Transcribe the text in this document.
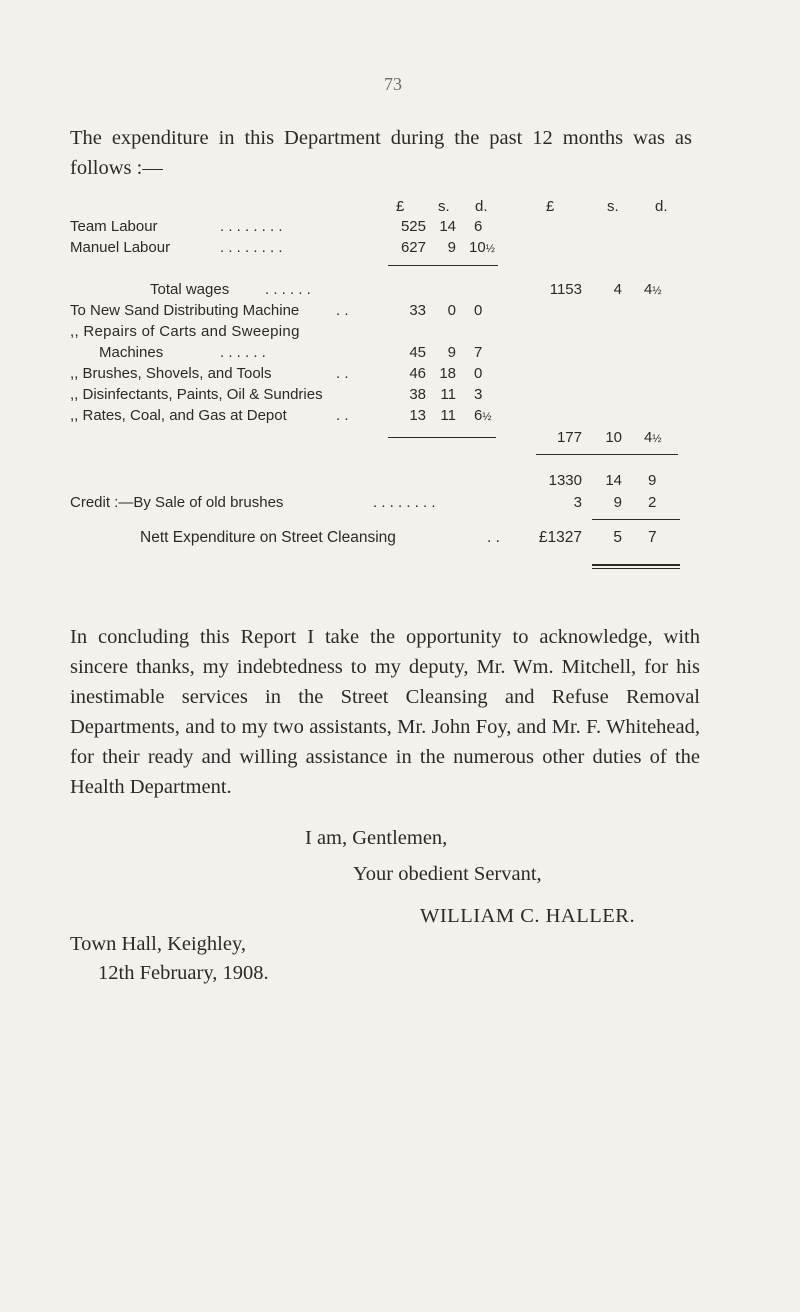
73

The expenditure in this Department during the past 12 months was as follows :—

£ s. d.	£	s. d.
Team Labour	. . . . . . . .	525 14 6
Manuel Labour	. . . . . . . .	627	9 10½
Total wages . . . . . .	1153	4 4½
To New Sand Distributing Machine . .	33	0 0
,, Repairs of Carts and Sweeping
Machines	. . . . . .	45	9 7
,, Brushes, Shovels, and Tools	. .	46 18 0
,, Disinfectants, Paints, Oil & Sundries	38 11 3
,, Rates, Coal, and Gas at Depot	. .	13 11 6½
177	10 4½
1330	14 9
Credit :—By Sale of old brushes	. . . . . . . .	3	9 2
Nett Expenditure on Street Cleansing	. .	£1327	5 7

In concluding this Report I take the opportunity to acknowledge, with sincere thanks, my indebtedness to my deputy, Mr. Wm. Mitchell, for his inestimable services in the Street Cleansing and Refuse Removal Departments, and to my two assistants, Mr. John Foy, and Mr. F. Whitehead, for their ready and willing assistance in the numerous other duties of the Health Department.

I am, Gentlemen,
Your obedient Servant,
WILLIAM C. HALLER.
Town Hall, Keighley,
12th February, 1908.
